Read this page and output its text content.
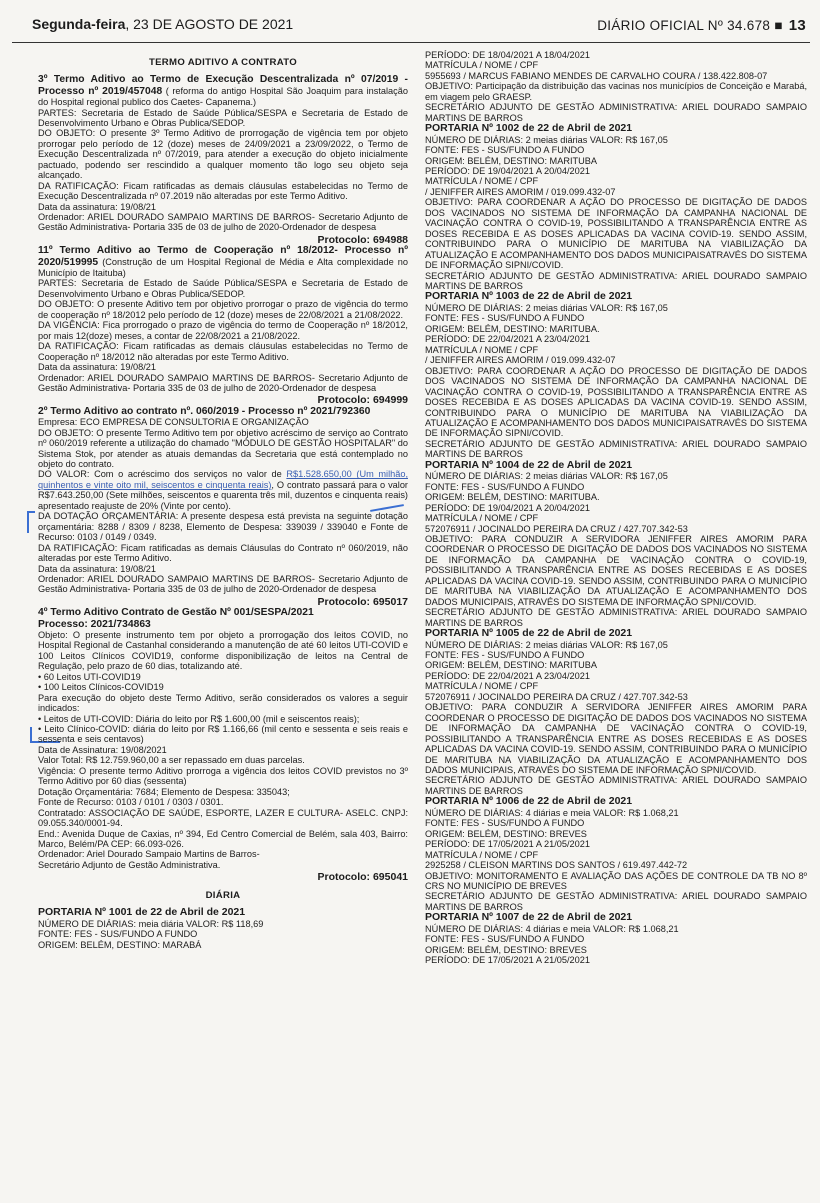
Segunda-feira, 23 DE AGOSTO DE 2021	DIÁRIO OFICIAL Nº 34.678 ■ 13

TERMO ADITIVO A CONTRATO

3º Termo Aditivo ao Termo de Execução Descentralizada nº 07/2019 - Processo nº 2019/457048 ( reforma do antigo Hospital São Joaquim para instalação do Hospital regional publico dos Caetes- Capanema.)

PARTES: Secretaria de Estado de Saúde Pública/SESPA e Secretaria de Estado de Desenvolvimento Urbano e Obras Publica/SEDOP.

DO OBJETO: O presente 3º Termo Aditivo de prorrogação de vigência tem por objeto prorrogar pelo período de 12 (doze) meses de 24/09/2021 a 23/09/2022, o Termo de Execução Descentralizada nº 07/2019, para atender a execução do objeto inicialmente pactuado, podendo ser rescindido a qualquer momento tão logo seu objeto seja alcançado.

DA RATIFICAÇÃO: Ficam ratificadas as demais cláusulas estabelecidas no Termo de Execução Descentralizada nº 07.2019 não alteradas por este Termo Aditivo.

Data da assinatura: 19/08/21

Ordenador: ARIEL DOURADO SAMPAIO MARTINS DE BARROS- Secretario Adjunto de Gestão Administrativa- Portaria 335 de 03 de julho de 2020-Ordenador de despesa

Protocolo: 694988

11º Termo Aditivo ao Termo de Cooperação nº 18/2012- Processo nº 2020/519995 (Construção de um Hospital Regional de Média e Alta complexidade no Município de Itaituba)

PARTES: Secretaria de Estado de Saúde Pública/SESPA e Secretaria de Estado de Desenvolvimento Urbano e Obras Publica/SEDOP.

DO OBJETO: O presente Aditivo tem por objetivo prorrogar o prazo de vigência do termo de cooperação nº 18/2012 pelo período de 12 (doze) meses de 22/08/2021 a 21/08/2022.

DA VIGÊNCIA: Fica prorrogado o prazo de vigência do termo de Cooperação nº 18/2012, por mais 12(doze) meses, a contar de 22/08/2021 a 21/08/2022.

DA RATIFICAÇÃO: Ficam ratificadas as demais cláusulas estabelecidas no Termo de Cooperação nº 18/2012 não alteradas por este Termo Aditivo.

Data da assinatura: 19/08/21

Ordenador: ARIEL DOURADO SAMPAIO MARTINS DE BARROS- Secretario Adjunto de Gestão Administrativa- Portaria 335 de 03 de julho de 2020-Ordenador de despesa

Protocolo: 694999

2º Termo Aditivo ao contrato nº. 060/2019 - Processo nº 2021/792360

Empresa: ECO EMPRESA DE CONSULTORIA E ORGANIZAÇÃO

DO OBJETO: O presente Termo Aditivo tem por objetivo acréscimo de serviço ao Contrato nº 060/2019 referente a utilização do chamado "MÓDULO DE GESTÃO HOSPITALAR" do Sistema Stok, por atender as atuais demandas da Secretaria que está contemplado no objeto do contrato.

DO VALOR: Com o acréscimo dos serviços no valor de R$1.528.650,00 (Um milhão, quinhentos e vinte oito mil, seiscentos e cinquenta reais), O contrato passará para o valor R$7.643.250,00 (Sete milhões, seiscentos e quarenta três mil, duzentos e cinquenta reais) apresentado reajuste de 20% (Vinte por cento).

DA DOTAÇÃO ORÇAMENTÁRIA: A presente despesa está prevista na seguinte dotação orçamentária: 8288 / 8309 / 8238, Elemento de Despesa: 339039 / 339040 e Fonte de Recurso: 0103 / 0149 / 0349.

DA RATIFICAÇÃO: Ficam ratificadas as demais Cláusulas do Contrato nº 060/2019, não alteradas por este Termo Aditivo.

Data da assinatura: 19/08/21

Ordenador: ARIEL DOURADO SAMPAIO MARTINS DE BARROS- Secretario Adjunto de Gestão Administrativa- Portaria 335 de 03 de julho de 2020-Ordenador de despesa

Protocolo: 695017

4º Termo Aditivo Contrato de Gestão Nº 001/SESPA/2021

Processo: 2021/734863

Objeto: O presente instrumento tem por objeto a prorrogação dos leitos COVID, no Hospital Regional de Castanhal considerando a manutenção de até 60 leitos UTI-COVID e 100 Leitos Clínicos COVID19, conforme disponibilização de leitos na Central de Regulação, pelo prazo de 60 dias, totalizando até.

• 60 Leitos UTI-COVID19

• 100 Leitos Clínicos-COVID19

Para execução do objeto deste Termo Aditivo, serão considerados os valores a seguir indicados:

• Leitos de UTI-COVID: Diária do leito por R$ 1.600,00 (mil e seiscentos reais);

• Leito Clínico-COVID: diária do leito por R$ 1.166,66 (mil cento e sessenta e seis reais e sessenta e seis centavos)

Data de Assinatura: 19/08/2021

Valor Total: R$ 12.759.960,00 a ser repassado em duas parcelas.

Vigência: O presente termo Aditivo prorroga a vigência dos leitos COVID previstos no 3º Termo Aditivo por 60 dias (sessenta)

Dotação Orçamentária: 7684; Elemento de Despesa: 335043;

Fonte de Recurso: 0103 / 0101 / 0303 / 0301.

Contratado: ASSOCIAÇÃO DE SAÚDE, ESPORTE, LAZER E CULTURA- ASELC. CNPJ: 09.055.340/0001-94.

End.: Avenida Duque de Caxias, nº 394, Ed Centro Comercial de Belém, sala 403, Bairro: Marco, Belém/PA CEP: 66.093-026.

Ordenador: Ariel Dourado Sampaio Martins de Barros-

Secretário Adjunto de Gestão Administrativa.

Protocolo: 695041

DIÁRIA

PORTARIA Nº 1001 de 22 de Abril de 2021

NÚMERO DE DIÁRIAS: meia diária VALOR: R$ 118,69

FONTE: FES - SUS/FUNDO A FUNDO

ORIGEM: BELÉM, DESTINO: MARABÁ

PERÍODO: DE 18/04/2021 A 18/04/2021

MATRÍCULA / NOME / CPF

5955693 / MARCUS FABIANO MENDES DE CARVALHO COURA / 138.422.808-07

OBJETIVO: Participação da distribuição das vacinas nos municípios de Conceição e Marabá, em viagem pelo GRAESP.

SECRETÁRIO ADJUNTO DE GESTÃO ADMINISTRATIVA: ARIEL DOURADO SAMPAIO MARTINS DE BARROS

PORTARIA Nº 1002 de 22 de Abril de 2021

NÚMERO DE DIÁRIAS: 2 meias diárias VALOR: R$ 167,05

FONTE: FES - SUS/FUNDO A FUNDO

ORIGEM: BELÉM, DESTINO: MARITUBA

PERÍODO: DE 19/04/2021 A 20/04/2021

MATRÍCULA / NOME / CPF

/ JENIFFER AIRES AMORIM / 019.099.432-07

OBJETIVO: PARA COORDENAR A AÇÃO DO PROCESSO DE DIGITAÇÃO DE DADOS DOS VACINADOS NO SISTEMA DE INFORMAÇÃO DA CAMPANHA NACIONAL DE VACINAÇÃO CONTRA O COVID-19, POSSIBILITANDO A TRANSPARÊNCIA ENTRE AS DOSES RECEBIDA E AS DOSES APLICADAS DA VACINA COVID-19. SENDO ASSIM, CONTRIBUINDO PARA O MUNICÍPIO DE MARITUBA NA VIABILIZAÇÃO DA ATUALIZAÇÃO E ACOMPANHAMENTO DOS DADOS MUNICIPAISATRAVÉS DO SISTEMA DE INFORMAÇÃO SIPNI/COVID.

SECRETÁRIO ADJUNTO DE GESTÃO ADMINISTRATIVA: ARIEL DOURADO SAMPAIO MARTINS DE BARROS

PORTARIA Nº 1003 de 22 de Abril de 2021

NÚMERO DE DIÁRIAS: 2 meias diárias VALOR: R$ 167,05

FONTE: FES - SUS/FUNDO A FUNDO

ORIGEM: BELÉM, DESTINO: MARITUBA.

PERÍODO: DE 22/04/2021 A 23/04/2021

MATRÍCULA / NOME / CPF

/ JENIFFER AIRES AMORIM / 019.099.432-07

OBJETIVO: PARA COORDENAR A AÇÃO DO PROCESSO DE DIGITAÇÃO DE DADOS DOS VACINADOS NO SISTEMA DE INFORMAÇÃO DA CAMPANHA NACIONAL DE VACINAÇÃO CONTRA O COVID-19, POSSIBILITANDO A TRANSPARÊNCIA ENTRE AS DOSES RECEBIDA E AS DOSES APLICADAS DA VACINA COVID-19. SENDO ASSIM, CONTRIBUINDO PARA O MUNICÍPIO DE MARITUBA NA VIABILIZAÇÃO DA ATUALIZAÇÃO E ACOMPANHAMENTO DOS DADOS MUNICIPAISATRAVÉS DO SISTEMA DE INFORMAÇÃO SIPNI/COVID.

SECRETÁRIO ADJUNTO DE GESTÃO ADMINISTRATIVA: ARIEL DOURADO SAMPAIO MARTINS DE BARROS

PORTARIA Nº 1004 de 22 de Abril de 2021

NÚMERO DE DIÁRIAS: 2 meias diárias VALOR: R$ 167,05

FONTE: FES - SUS/FUNDO A FUNDO

ORIGEM: BELÉM, DESTINO: MARITUBA.

PERÍODO: DE 19/04/2021 A 20/04/2021

MATRÍCULA / NOME / CPF

572076911 / JOCINALDO PEREIRA DA CRUZ / 427.707.342-53

OBJETIVO: PARA CONDUZIR A SERVIDORA JENIFFER AIRES AMORIM PARA COORDENAR O PROCESSO DE DIGITAÇÃO DE DADOS DOS VACINADOS NO SISTEMA DE INFORMAÇÃO DA CAMPANHA DE VACINAÇÃO CONTRA O COVID-19, POSSIBILITANDO A TRANSPARÊNCIA ENTRE AS DOSES RECEBIDAS E AS DOSES APLICADAS DA VACINA COVID-19. SENDO ASSIM, CONTRIBUINDO PARA O MUNICÍPIO DE MARITUBA NA VIABILIZAÇÃO DA ATUALIZAÇÃO E ACOMPANHAMENTO DOS DADOS MUNICIPAIS, ATRAVÉS DO SISTEMA DE INFORMAÇÃO SPNI/COVID.

SECRETÁRIO ADJUNTO DE GESTÃO ADMINISTRATIVA: ARIEL DOURADO SAMPAIO MARTINS DE BARROS

PORTARIA Nº 1005 de 22 de Abril de 2021

NÚMERO DE DIÁRIAS: 2 meias diárias VALOR: R$ 167,05

FONTE: FES - SUS/FUNDO A FUNDO

ORIGEM: BELÉM, DESTINO: MARITUBA

PERÍODO: DE 22/04/2021 A 23/04/2021

MATRÍCULA / NOME / CPF

572076911 / JOCINALDO PEREIRA DA CRUZ / 427.707.342-53

OBJETIVO: PARA CONDUZIR A SERVIDORA JENIFFER AIRES AMORIM PARA COORDENAR O PROCESSO DE DIGITAÇÃO DE DADOS DOS VACINADOS NO SISTEMA DE INFORMAÇÃO DA CAMPANHA DE VACINAÇÃO CONTRA O COVID-19, POSSIBILITANDO A TRANSPARÊNCIA ENTRE AS DOSES RECEBIDAS E AS DOSES APLICADAS DA VACINA COVID-19. SENDO ASSIM, CONTRIBUINDO PARA O MUNICÍPIO DE MARITUBA NA VIABILIZAÇÃO DA ATUALIZAÇÃO E ACOMPANHAMENTO DOS DADOS MUNICIPAIS, ATRAVÉS DO SISTEMA DE INFORMAÇÃO SPNI/COVID.

SECRETÁRIO ADJUNTO DE GESTÃO ADMINISTRATIVA: ARIEL DOURADO SAMPAIO MARTINS DE BARROS

PORTARIA Nº 1006 de 22 de Abril de 2021

NÚMERO DE DIÁRIAS: 4 diárias e meia VALOR: R$ 1.068,21

FONTE: FES - SUS/FUNDO A FUNDO

ORIGEM: BELÉM, DESTINO: BREVES

PERÍODO: DE 17/05/2021 A 21/05/2021

MATRÍCULA / NOME / CPF

2925258 / CLEISON MARTINS DOS SANTOS / 619.497.442-72

OBJETIVO: MONITORAMENTO E AVALIAÇÃO DAS AÇÕES DE CONTROLE DA TB NO 8º CRS NO MUNICÍPIO DE BREVES

SECRETÁRIO ADJUNTO DE GESTÃO ADMINISTRATIVA: ARIEL DOURADO SAMPAIO MARTINS DE BARROS

PORTARIA Nº 1007 de 22 de Abril de 2021

NÚMERO DE DIÁRIAS: 4 diárias e meia VALOR: R$ 1.068,21

FONTE: FES - SUS/FUNDO A FUNDO

ORIGEM: BELÉM, DESTINO: BREVES

PERÍODO: DE 17/05/2021 A 21/05/2021
